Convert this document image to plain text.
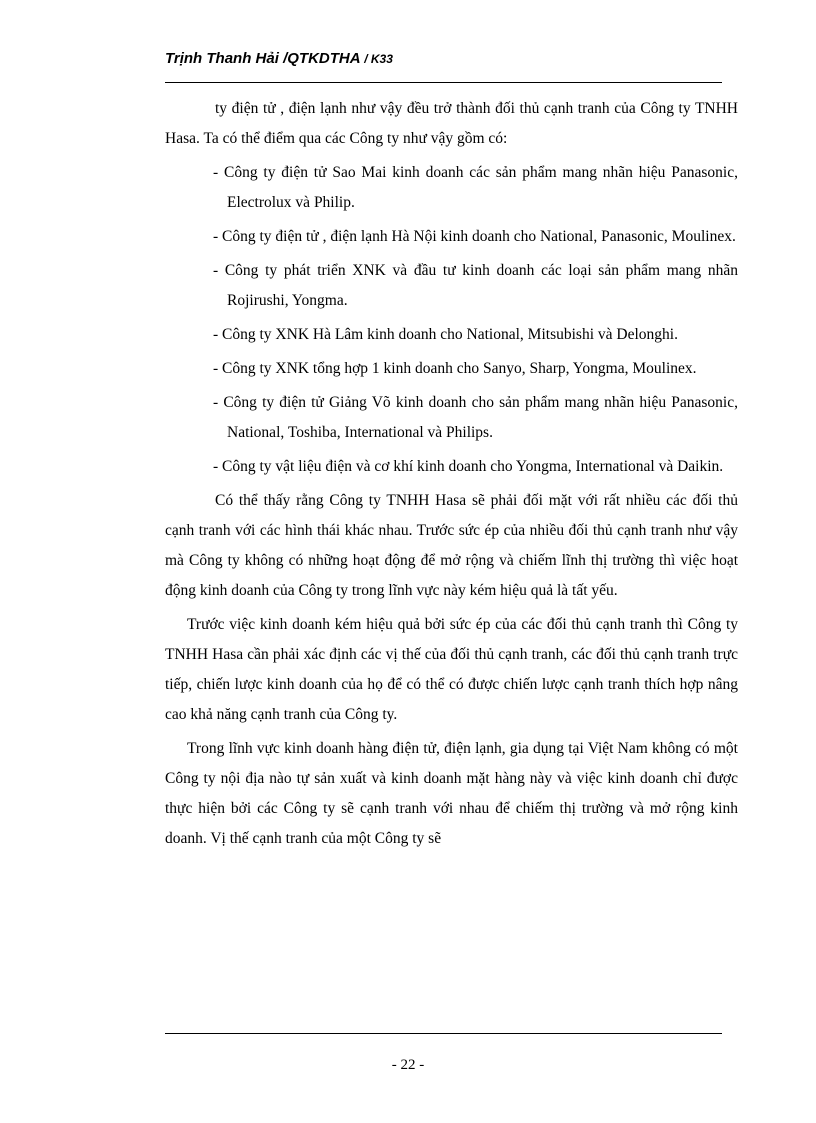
Trịnh Thanh Hải /QTKDTHA / K33

ty điện tử , điện lạnh như vậy đều trở thành đối thủ cạnh tranh của Công ty TNHH Hasa. Ta có thể điểm qua các Công ty như vậy gồm có:

- Công ty điện tử Sao Mai kinh doanh các sản phẩm mang nhãn hiệu Panasonic, Electrolux và Philip.
- Công ty điện tử , điện lạnh Hà Nội kinh doanh cho National, Panasonic, Moulinex.
- Công ty phát triển XNK và đầu tư kinh doanh các loại sản phẩm mang nhãn Rojirushi, Yongma.
- Công ty XNK Hà Lâm kinh doanh cho National, Mitsubishi và Delonghi.
- Công ty XNK tổng hợp 1 kinh doanh cho Sanyo, Sharp, Yongma, Moulinex.
- Công ty điện tử Giảng Võ kinh doanh cho sản phẩm mang nhãn hiệu Panasonic, National, Toshiba, International và Philips.
- Công ty vật liệu điện và cơ khí kinh doanh cho Yongma, International và Daikin.

Có thể thấy rằng Công ty TNHH Hasa sẽ phải đối mặt với rất nhiều các đối thủ cạnh tranh với các hình thái khác nhau. Trước sức ép của nhiều đối thủ cạnh tranh như vậy mà Công ty không có những hoạt động để mở rộng và chiếm lĩnh thị trường thì việc hoạt động kinh doanh của Công ty trong lĩnh vực này kém hiệu quả là tất yếu.

Trước việc kinh doanh kém hiệu quả bởi sức ép của các đối thủ cạnh tranh thì Công ty TNHH Hasa cần phải xác định các vị thế của đối thủ cạnh tranh, các đối thủ cạnh tranh trực tiếp, chiến lược kinh doanh của họ để có thể có được chiến lược cạnh tranh thích hợp nâng cao khả năng cạnh tranh của Công ty.

Trong lĩnh vực kinh doanh hàng điện tử, điện lạnh, gia dụng tại Việt Nam không có một Công ty nội địa nào tự sản xuất và kinh doanh mặt hàng này và việc kinh doanh chỉ được thực hiện bởi các Công ty sẽ cạnh tranh với nhau để chiếm thị trường và mở rộng kinh doanh. Vị thế cạnh tranh của một Công ty sẽ

- 22 -
